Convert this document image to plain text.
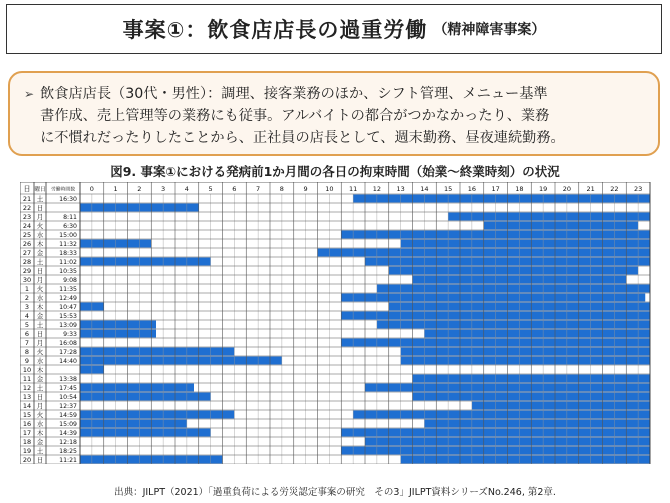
事案①：飲食店店長の過重労働 （精神障害事案）
➢ 飲食店店長（30代・男性）：調理、接客業務のほか、シフト管理、メニュー基準
書作成、売上管理等の業務にも従事。アルバイトの都合がつかなかったり、業務
に不慣れだったりしたことから、正社員の店長として、週末勤務、昼夜連続勤務。
図9. 事案①における発病前1か月間の各日の拘束時間（始業～終業時刻）の状況
日 曜日 労働時間数 0	1	2	3	4	5	6	7	8	9	10 11 12 13 14 15 16 17 18 19 20 21 22 23
21 土	16:30
22 日
23 月	8:11
24 火	6:30
25 水	15:00
26 木	11:32
27 金	18:33
28 土	11:02
29 日	10:35
30 月	9:08
1 火	11:35
2 水	12:49
3 木	10:47
4 金	15:53
5 土	13:09
6 日	9:33
7 月	16:08
8 火	17:28
9 水	14:40
10 木
11 金	13:38
12 土	17:45
13 日	10:54
14 月	12:37
15 火	14:59
16 水	15:09
17 木	14:39
18 金	12:18
19 土	18:25
20 日	11:21
出典：JILPT（2021）「過重負荷による労災認定事案の研究　その3」JILPT資料シリーズNo.246, 第2章.
